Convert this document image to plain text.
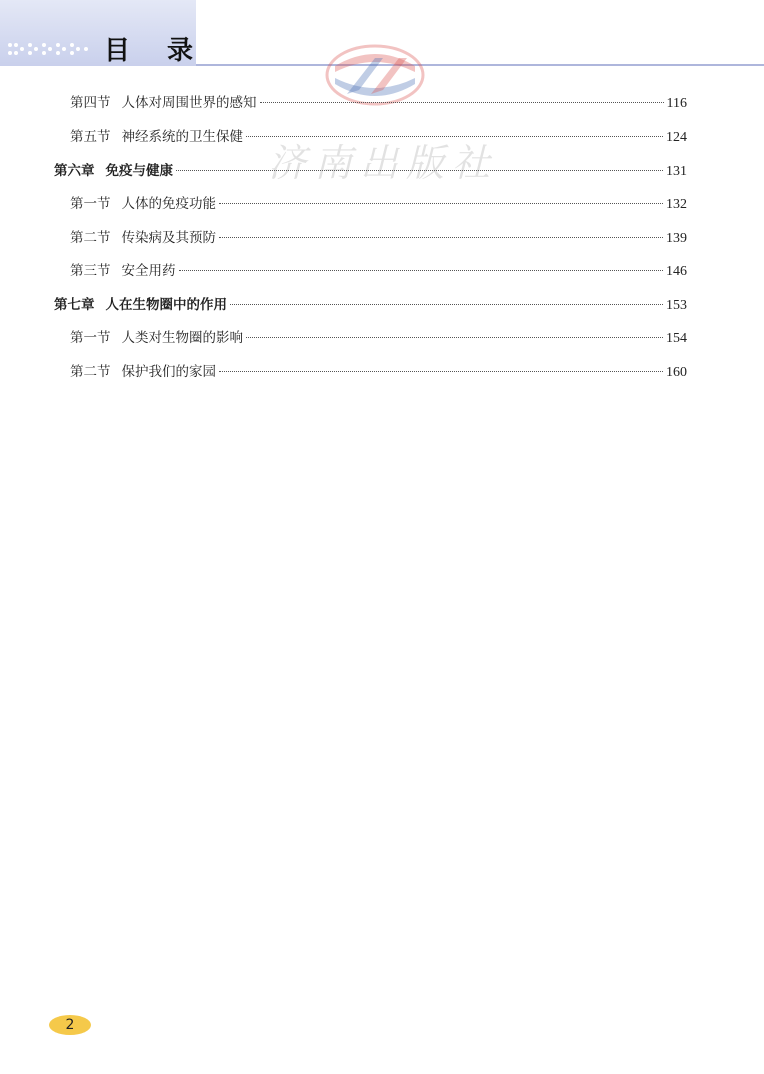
目 录
济南出版社
第四节 人体对周围世界的感知	116
第五节 神经系统的卫生保健	124
第六章 免疫与健康	131
第一节 人体的免疫功能	132
第二节 传染病及其预防	139
第三节 安全用药	146
第七章 人在生物圈中的作用	153
第一节 人类对生物圈的影响	154
第二节 保护我们的家园	160
2
